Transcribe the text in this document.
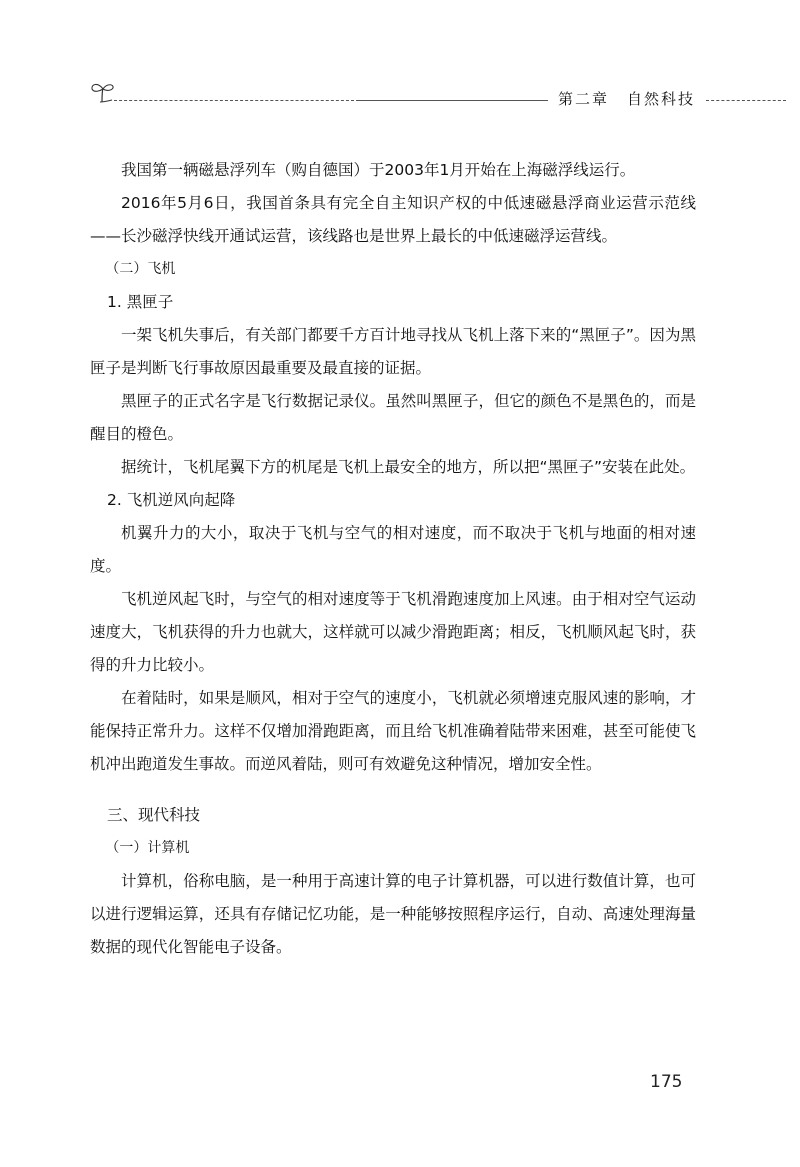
第二章 自然科技

我国第一辆磁悬浮列车（购自德国）于2003年1月开始在上海磁浮线运行。

2016年5月6日，我国首条具有完全自主知识产权的中低速磁悬浮商业运营示范线——长沙磁浮快线开通试运营，该线路也是世界上最长的中低速磁浮运营线。

（二）飞机
1. 黑匣子

一架飞机失事后，有关部门都要千方百计地寻找从飞机上落下来的“黑匣子”。因为黑匣子是判断飞行事故原因最重要及最直接的证据。

黑匣子的正式名字是飞行数据记录仪。虽然叫黑匣子，但它的颜色不是黑色的，而是醒目的橙色。

据统计，飞机尾翼下方的机尾是飞机上最安全的地方，所以把“黑匣子”安装在此处。

2. 飞机逆风向起降

机翼升力的大小，取决于飞机与空气的相对速度，而不取决于飞机与地面的相对速度。

飞机逆风起飞时，与空气的相对速度等于飞机滑跑速度加上风速。由于相对空气运动速度大，飞机获得的升力也就大，这样就可以减少滑跑距离；相反，飞机顺风起飞时，获得的升力比较小。

在着陆时，如果是顺风，相对于空气的速度小，飞机就必须增速克服风速的影响，才能保持正常升力。这样不仅增加滑跑距离，而且给飞机准确着陆带来困难，甚至可能使飞机冲出跑道发生事故。而逆风着陆，则可有效避免这种情况，增加安全性。

三、现代科技
（一）计算机

计算机，俗称电脑，是一种用于高速计算的电子计算机器，可以进行数值计算，也可以进行逻辑运算，还具有存储记忆功能，是一种能够按照程序运行，自动、高速处理海量数据的现代化智能电子设备。

175
